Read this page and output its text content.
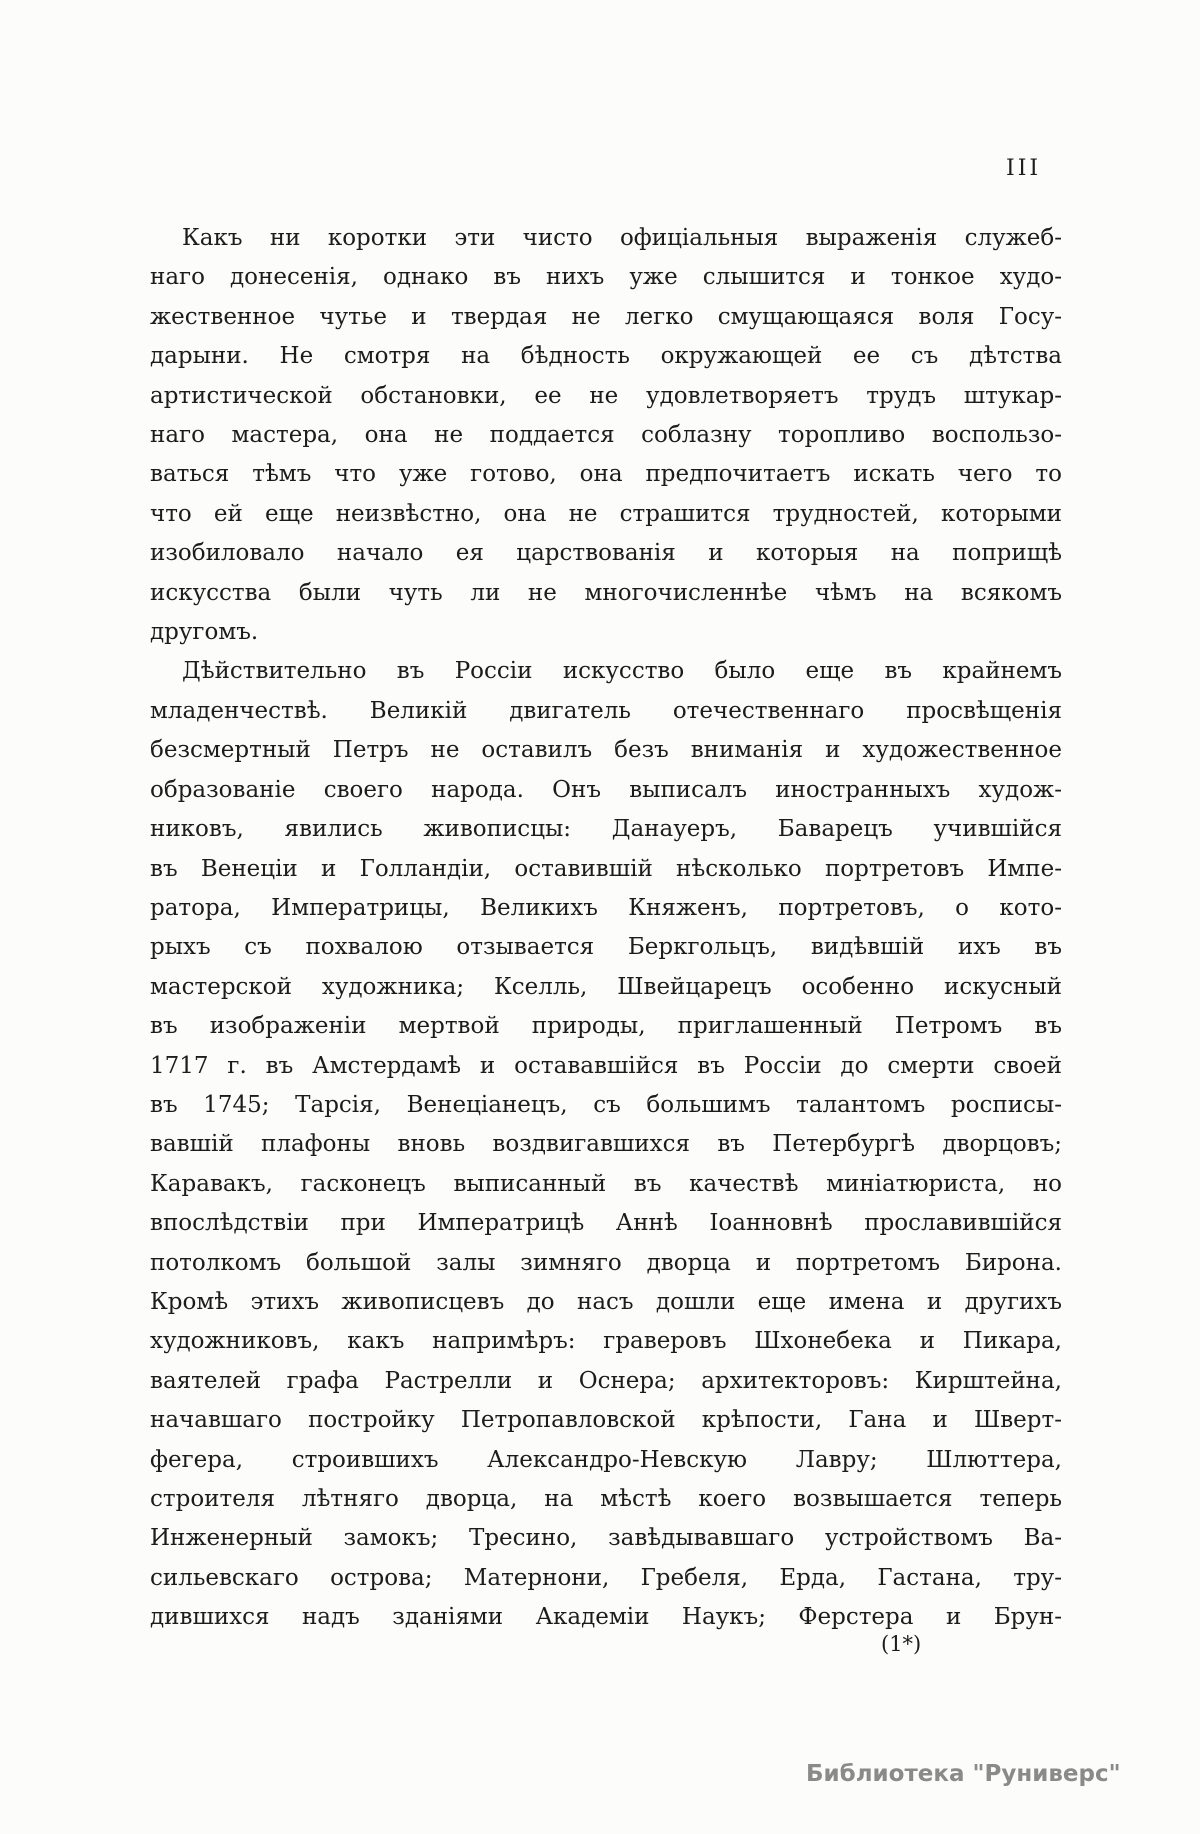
III
Какъ ни коротки эти чисто офиціальныя выраженія служеб-
наго донесенія, однако въ нихъ уже слышится и тонкое худо-
жественное чутье и твердая не легко смущающаяся воля Госу-
дарыни. Не смотря на бѣдность окружающей ее съ дѣтства
артистической обстановки, ее не удовлетворяетъ трудъ штукар-
наго мастера, она не поддается соблазну торопливо воспользо-
ваться тѣмъ что уже готово, она предпочитаетъ искать чего то
что ей еще неизвѣстно, она не страшится трудностей, которыми
изобиловало начало ея царствованія и которыя на поприщѣ
искусства были чуть ли не многочисленнѣе чѣмъ на всякомъ
другомъ.
Дѣйствительно въ Россіи искусство было еще въ крайнемъ
младенчествѣ. Великій двигатель отечественнаго просвѣщенія
безсмертный Петръ не оставилъ безъ вниманія и художественное
образованіе своего народа. Онъ выписалъ иностранныхъ худож-
никовъ, явились живописцы: Данауеръ, Баварецъ учившійся
въ Венеціи и Голландіи, оставившій нѣсколько портретовъ Импе-
ратора, Императрицы, Великихъ Княженъ, портретовъ, о кото-
рыхъ съ похвалою отзывается Беркгольцъ, видѣвшій ихъ въ
мастерской художника; Кселль, Швейцарецъ особенно искусный
въ изображеніи мертвой природы, приглашенный Петромъ въ
1717 г. въ Амстердамѣ и остававшійся въ Россіи до смерти своей
въ 1745; Тарсія, Венеціанецъ, съ большимъ талантомъ росписы-
вавшій плафоны вновь воздвигавшихся въ Петербургѣ дворцовъ;
Каравакъ, гасконецъ выписанный въ качествѣ миніатюриста, но
впослѣдствіи при Императрицѣ Аннѣ Іоанновнѣ прославившійся
потолкомъ большой залы зимняго дворца и портретомъ Бирона.
Кромѣ этихъ живописцевъ до насъ дошли еще имена и другихъ
художниковъ, какъ напримѣръ: граверовъ Шхонебека и Пикара,
ваятелей графа Растрелли и Оснера; архитекторовъ: Кирштейна,
начавшаго постройку Петропавловской крѣпости, Гана и Шверт-
фегера, строившихъ Александро-Невскую Лавру; Шлюттера,
строителя лѣтняго дворца, на мѣстѣ коего возвышается теперь
Инженерный замокъ; Тресино, завѣдывавшаго устройствомъ Ва-
сильевскаго острова; Матернони, Гребеля, Ерда, Гастана, тру-
дившихся надъ зданіями Академіи Наукъ; Ферстера и Брун-
(1*)
Библиотека "Руниверс"
